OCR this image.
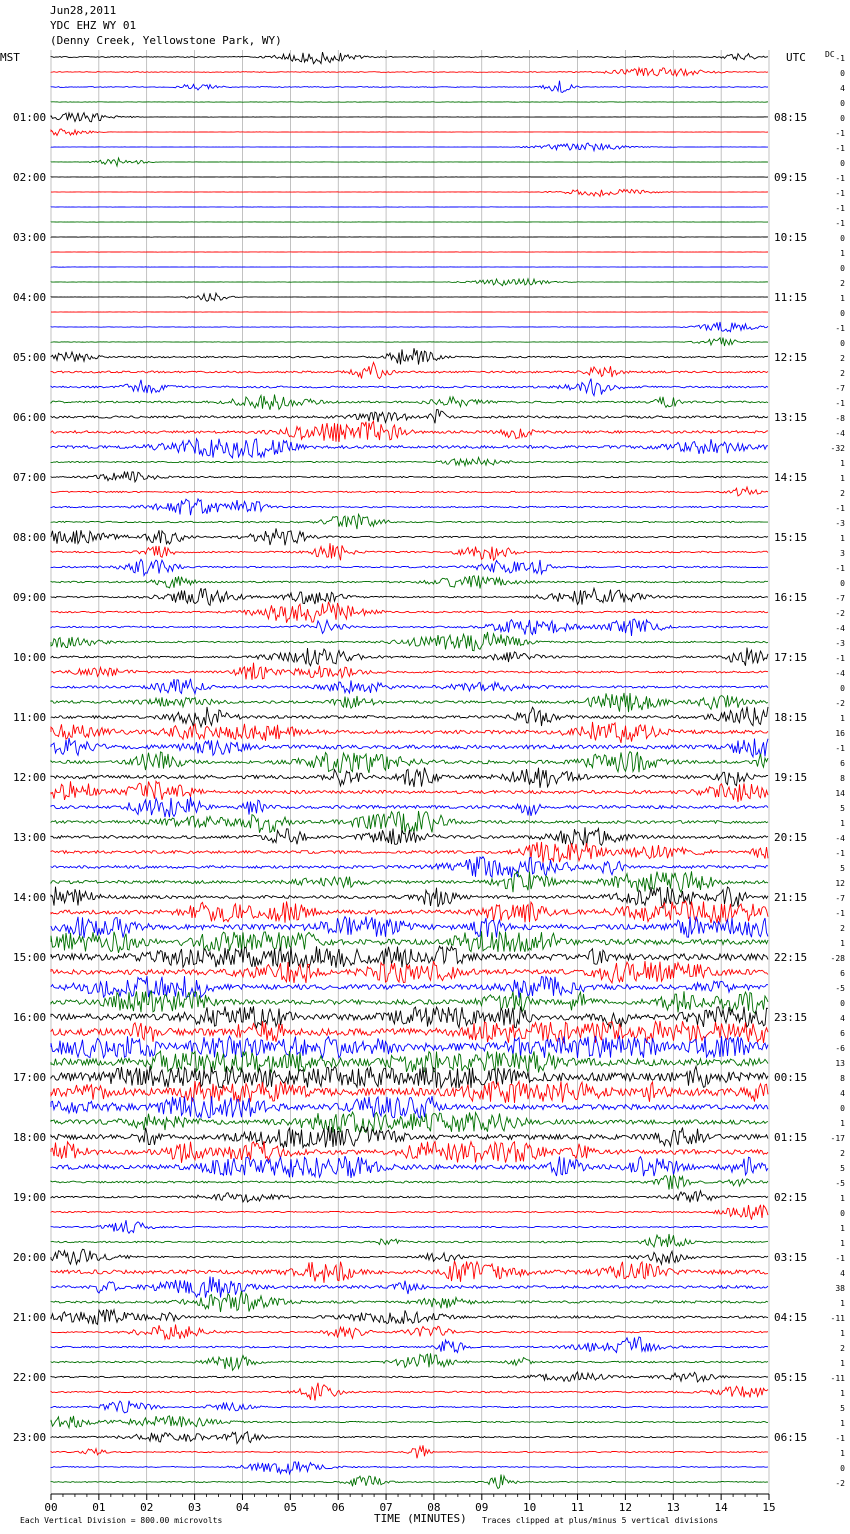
Jun28,2011
YDC EHZ WY 01
(Denny Creek, Yellowstone Park, WY)
00	01	02	03	04	05	06	07	08	09	10	11	12	13	14	15
01:00
02:00
03:00
04:00
05:00
06:00
07:00
08:00
09:00
10:00
11:00
12:00
13:00
14:00
15:00
16:00
17:00
18:00
19:00
20:00
21:00
22:00
23:00
08:15
09:15
10:15
11:15
12:15
13:15
14:15
15:15
16:15
17:15
18:15
19:15
20:15
21:15
22:15
23:15
00:15
01:15
02:15
03:15
04:15
05:15
06:15
-1
0
4
0
0
-1
-1
0
-1
-1
-1
-1
0
1
0
2
1
0
-1
0
2
2
-7
-1
-8
-4
-32
1
1
2
-1
-3
1
3
-1
0
-7
-2
-4
-3
-1
-4
0
-2
1
16
-1
6
8
14
5
1
-4
-1
5
12
-7
-1
2
1
-28
6
-5
0
4
6
-6
13
8
4
0
1
-17
2
5
-5
1
0
1
1
-1
4
38
1
-11
1
2
1
-11
1
5
1
-1
1
0
-2
MST	UTC DC
TIME (MINUTES)
Each Vertical Division = 800.00 microvolts	Traces clipped at plus/minus 5 vertical divisions
